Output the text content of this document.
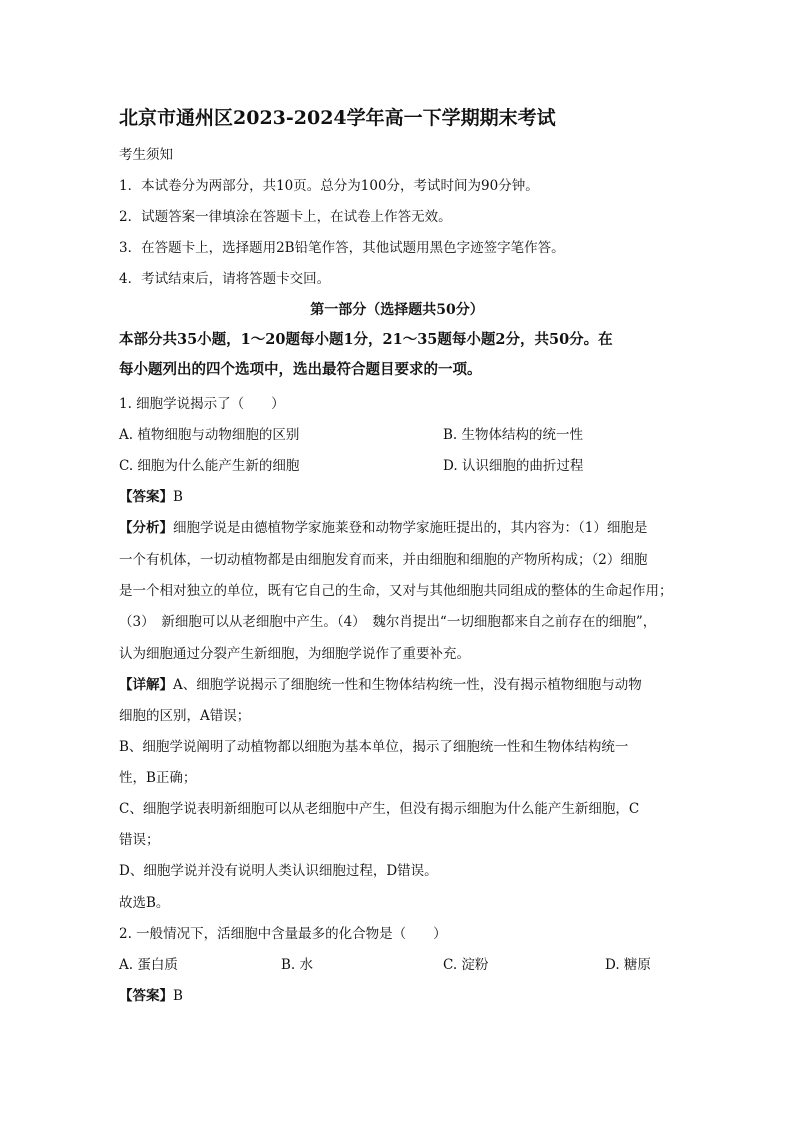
北京市通州区2023-2024学年高一下学期期末考试
考生须知
1．本试卷分为两部分，共10页。总分为100分，考试时间为90分钟。
2．试题答案一律填涂在答题卡上，在试卷上作答无效。
3．在答题卡上，选择题用2B铅笔作答，其他试题用黑色字迹签字笔作答。
4．考试结束后，请将答题卡交回。
第一部分（选择题共50分）
本部分共35小题，1～20题每小题1分，21～35题每小题2分，共50分。在
每小题列出的四个选项中，选出最符合题目要求的一项。
1. 细胞学说揭示了（　　）
A. 植物细胞与动物细胞的区别	B. 生物体结构的统一性
C. 细胞为什么能产生新的细胞	D. 认识细胞的曲折过程
【答案】B
【分析】细胞学说是由德植物学家施莱登和动物学家施旺提出的，其内容为：（1）细胞是
一个有机体，一切动植物都是由细胞发育而来，并由细胞和细胞的产物所构成；（2）细胞
是一个相对独立的单位，既有它自己的生命，又对与其他细胞共同组成的整体的生命起作用；
（3）　新细胞可以从老细胞中产生。（4）　魏尔肖提出“一切细胞都来自之前存在的细胞”，
认为细胞通过分裂产生新细胞，为细胞学说作了重要补充。
【详解】A、细胞学说揭示了细胞统一性和生物体结构统一性，没有揭示植物细胞与动物
细胞的区别，A错误；
B、细胞学说阐明了动植物都以细胞为基本单位，揭示了细胞统一性和生物体结构统一
性，B正确；
C、细胞学说表明新细胞可以从老细胞中产生，但没有揭示细胞为什么能产生新细胞，C
错误；
D、细胞学说并没有说明人类认识细胞过程，D错误。
故选B。
2. 一般情况下，活细胞中含量最多的化合物是（　　）
A. 蛋白质	B. 水	C. 淀粉	D. 糖原
【答案】B
